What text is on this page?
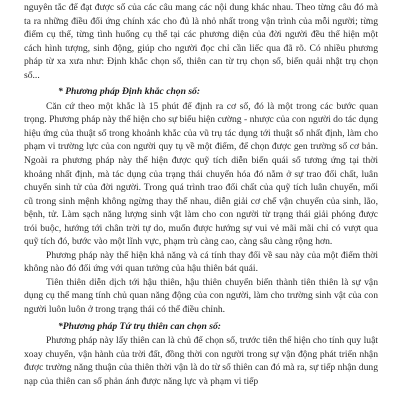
nguyên tắc để đạt được số của các câu mang các nội dung khác nhau. Theo từng câu đó mà ta ra những điều đối ứng chính xác cho đủ là nhỏ nhất trong vận trình của mỗi người; từng điểm cụ thể, từng tình huống cụ thể tại các phương diện của đời người đều thể hiện một cách hình tượng, sinh động, giúp cho người đọc chỉ cần liếc qua đã rõ. Có nhiều phương pháp từ xa xưa như: Định khắc chọn số, thiên can từ trụ chọn số, biến quải nhật trụ chọn số...

* Phương pháp Định khắc chọn số:

Căn cứ theo một khắc là 15 phút để định ra cơ số, đó là một trong các bước quan trọng. Phương pháp này thể hiện cho sự biểu hiện cường - nhược của con người do tác dụng hiệu ứng của thuật số trong khoảnh khắc của vũ trụ tác dụng tới thuật số nhất định, làm cho phạm vi trường lực của con người quy tụ về một điểm, để chọn được gen trường số cơ bản. Ngoài ra phương pháp này thể hiện được quỹ tích diễn biến quái số tương ứng tại thời khoảng nhất định, mà tác dụng của trạng thái chuyển hóa đó nằm ở sự trao đổi chất, luân chuyển sinh tử của đời người. Trong quá trình trao đổi chất của quỹ tích luân chuyển, mối cũ trong sinh mệnh không ngừng thay thế nhau, diễn giải cơ chế vận chuyển của sinh, lão, bệnh, tử. Làm sạch năng lượng sinh vật làm cho con người từ trạng thái giải phóng được trói buộc, hướng tới chân trời tự do, muốn được hướng sự vui vẻ mãi mãi chỉ có vượt qua quỹ tích đó, bước vào một lĩnh vực, phạm trù càng cao, càng sâu càng rộng hơn.

Phương pháp này thể hiện khả năng và cá tính thay đổi về sau này của một điểm thời không nào đó đối ứng với quan tưởng của hậu thiên bát quái.

Tiên thiên diễn dịch tới hậu thiên, hậu thiên chuyển biến thành tiên thiên là sự vận dụng cụ thể mang tính chủ quan năng động của con người, làm cho trường sinh vật của con người luôn luôn ở trong trạng thái có thể điều chỉnh.

*Phương pháp Tứ trụ thiên can chọn số:

Phương pháp này lấy thiên can là chủ để chọn số, trước tiên thể hiện cho tính quy luật xoay chuyển, vận hành của trời đất, đồng thời con người trong sự vận động phát triển nhận được trường năng thuận của thiên thời vận là do từ số thiên can đó mà ra, sự tiếp nhận dung nạp của thiên can số phản ánh được năng lực và phạm vi tiếp
